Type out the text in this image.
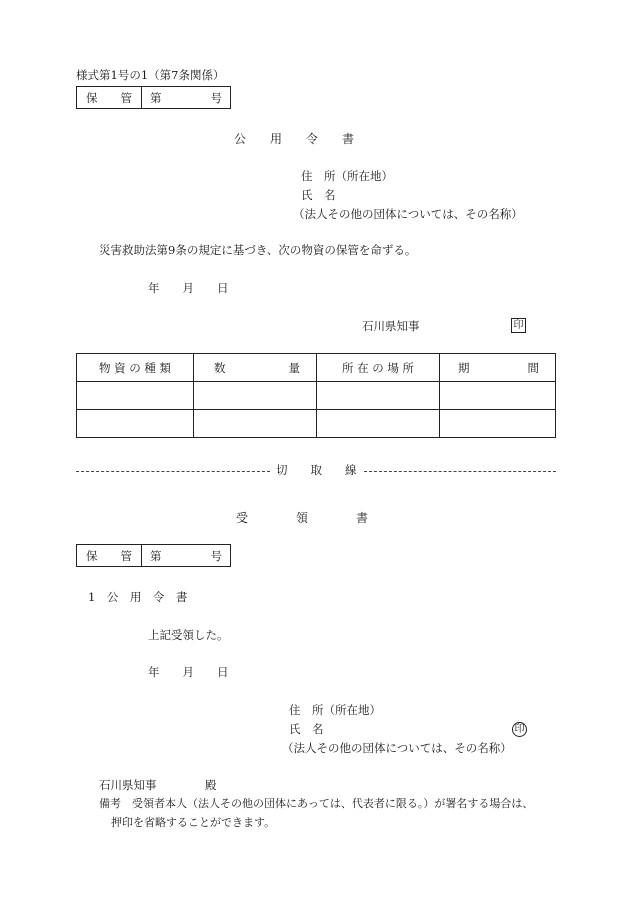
様式第1号の1（第7条関係）
保　　管	第	号
公　　用　　令　　書
住　所（所在地）
氏　名
（法人その他の団体については、その名称）
災害救助法第9条の規定に基づき、次の物資の保管を命ずる。
年　　月　　日
石川県知事	印
物 資 の 種 類	数 量	所 在 の 場 所	期 間

切　　取　　線
受　　　　領　　　　書
保　　管	第	号
1　公　用　令　書
上記受領した。
年　　月　　日
住　所（所在地）
氏　名	印
（法人その他の団体については、その名称）
石川県知事	殿
備考　受領者本人（法人その他の団体にあっては、代表者に限る。）が署名する場合は、
押印を省略することができます。
